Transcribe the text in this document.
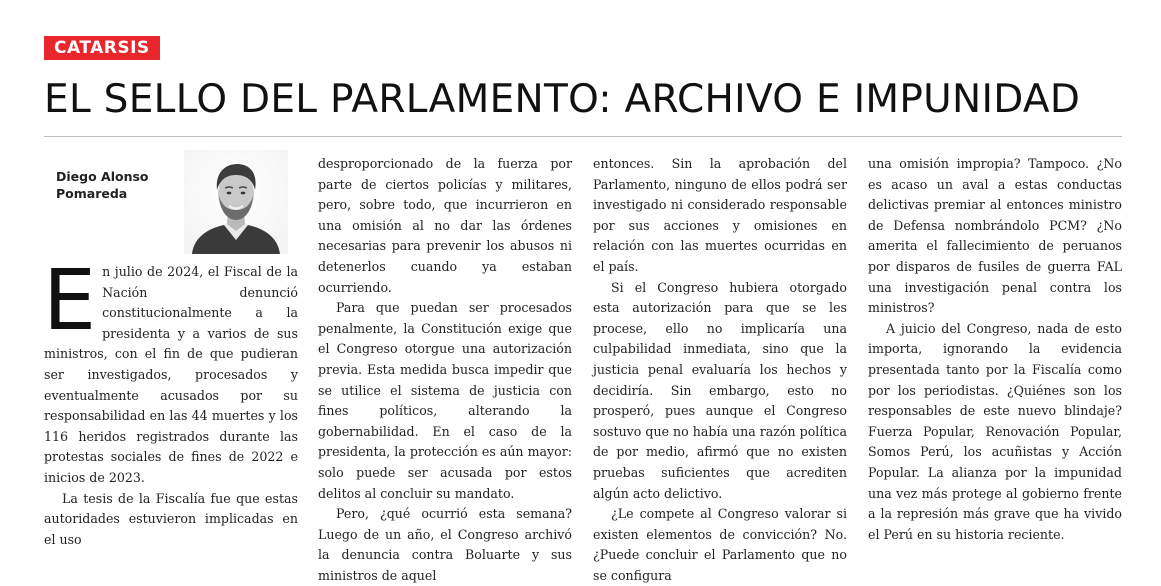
CATARSIS
EL SELLO DEL PARLAMENTO: ARCHIVO E IMPUNIDAD
Diego Alonso
Pomareda

En julio de 2024, el Fiscal de la Nación denunció constitucionalmente a la presidenta y a varios de sus ministros, con el fin de que pudieran ser investigados, procesados y eventualmente acusados por su responsabilidad en las 44 muertes y los 116 heridos registrados durante las protestas sociales de fines de 2022 e inicios de 2023.

La tesis de la Fiscalía fue que estas autoridades estuvieron implicadas en el uso

desproporcionado de la fuerza por parte de ciertos policías y militares, pero, sobre todo, que incurrieron en una omisión al no dar las órdenes necesarias para prevenir los abusos ni detenerlos cuando ya estaban ocurriendo.

Para que puedan ser procesados penalmente, la Constitución exige que el Congreso otorgue una autorización previa. Esta medida busca impedir que se utilice el sistema de justicia con fines políticos, alterando la gobernabilidad. En el caso de la presidenta, la protección es aún mayor: solo puede ser acusada por estos delitos al concluir su mandato.

Pero, ¿qué ocurrió esta semana? Luego de un año, el Congreso archivó la denuncia contra Boluarte y sus ministros de aquel

entonces. Sin la aprobación del Parlamento, ninguno de ellos podrá ser investigado ni considerado responsable por sus acciones y omisiones en relación con las muertes ocurridas en el país.

Si el Congreso hubiera otorgado esta autorización para que se les procese, ello no implicaría una culpabilidad inmediata, sino que la justicia penal evaluaría los hechos y decidiría. Sin embargo, esto no prosperó, pues aunque el Congreso sostuvo que no había una razón política de por medio, afirmó que no existen pruebas suficientes que acrediten algún acto delictivo.

¿Le compete al Congreso valorar si existen elementos de convicción? No. ¿Puede concluir el Parlamento que no se configura

una omisión impropia? Tampoco. ¿No es acaso un aval a estas conductas delictivas premiar al entonces ministro de Defensa nombrándolo PCM? ¿No amerita el fallecimiento de peruanos por disparos de fusiles de guerra FAL una investigación penal contra los ministros?

A juicio del Congreso, nada de esto importa, ignorando la evidencia presentada tanto por la Fiscalía como por los periodistas. ¿Quiénes son los responsables de este nuevo blindaje? Fuerza Popular, Renovación Popular, Somos Perú, los acuñistas y Acción Popular. La alianza por la impunidad una vez más protege al gobierno frente a la represión más grave que ha vivido el Perú en su historia reciente.
